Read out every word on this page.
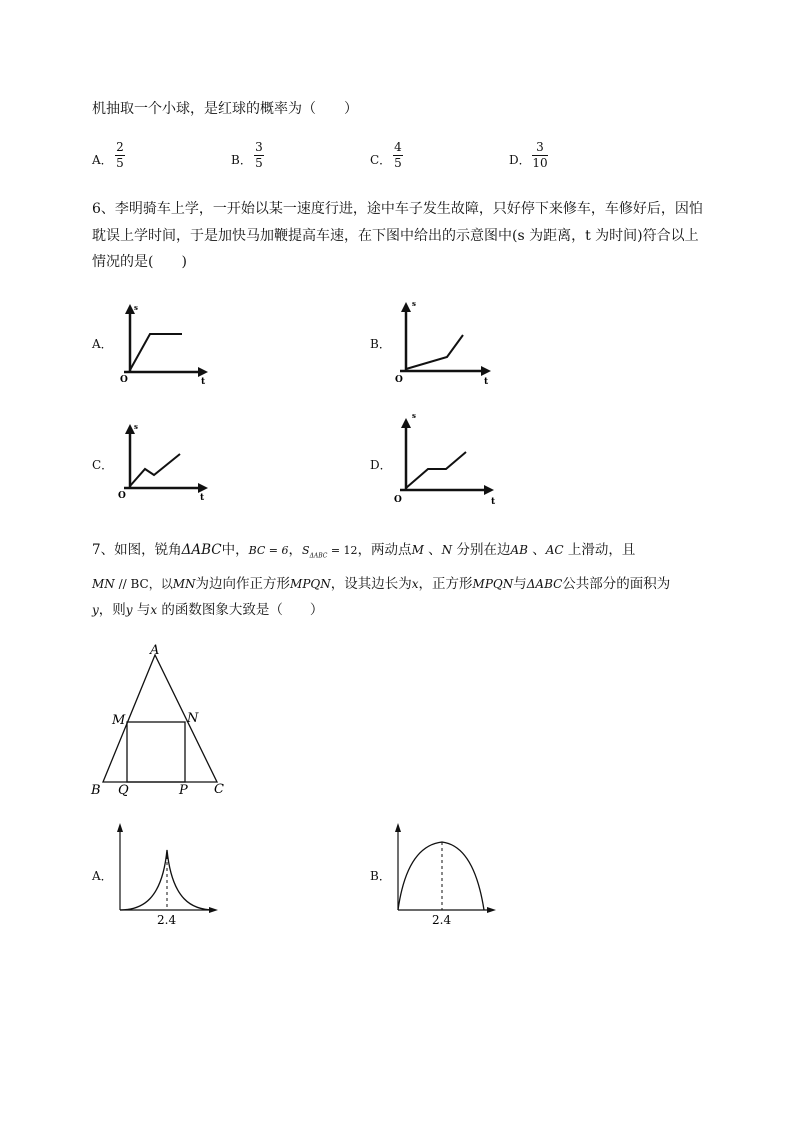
机抽取一个小球，是红球的概率为（　　）
A．
2
5	B．
3
5	C．
4
5	D．
3
10
6、李明骑车上学，一开始以某一速度行进，途中车子发生故障，只好停下来修车，车修好后，因怕
耽误上学时间，于是加快马加鞭提高车速，在下图中给出的示意图中(s 为距离，t 为时间)符合以上
情况的是(　　)
A．
s
O	t
B．
s
O	t
C．
s
O	t
D．
s
O	t
7、如图，锐角ΔABC中，BC = 6，$S_{\Delta ABC} = 12$，两动点M 、N 分别在边AB 、AC 上滑动，且
MN // BC，以MN为边向作正方形MPQN，设其边长为x，正方形MPQN与ΔABC公共部分的面积为
y，则y 与x 的函数图象大致是（　　）
A
M	N
B Q	P C
A．
2.4
B．
2.4
